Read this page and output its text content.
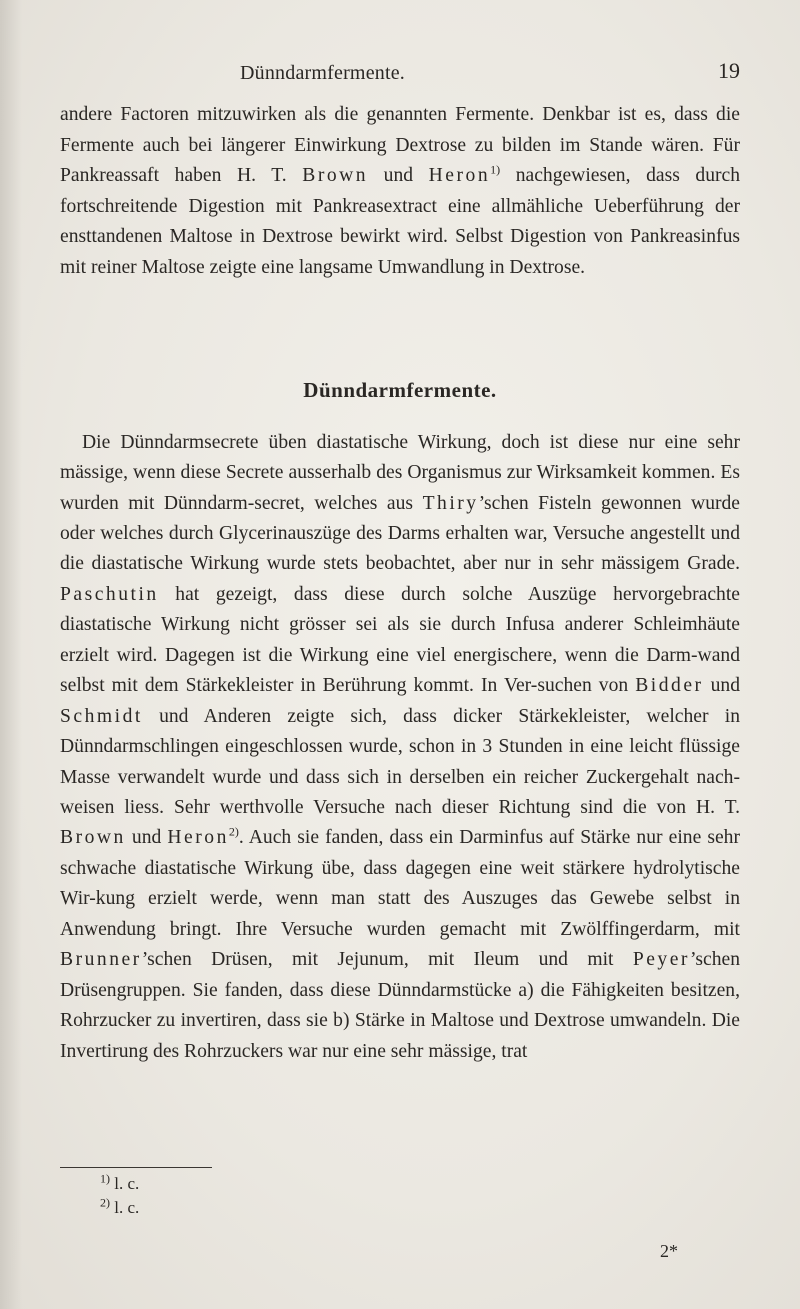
Dünndarmfermente.	19

andere Factoren mitzuwirken als die genannten Fermente. Denkbar ist es, dass die Fermente auch bei längerer Einwirkung Dextrose zu bilden im Stande wären. Für Pankreassaft haben H. T. Brown und Heron$^{1)}$ nachgewiesen, dass durch fortschreitende Digestion mit Pankreasextract eine allmähliche Ueberführung der ensttandenen Maltose in Dextrose bewirkt wird. Selbst Digestion von Pankreasinfus mit reiner Maltose zeigte eine langsame Umwandlung in Dextrose.

Dünndarmfermente.

Die Dünndarmsecrete üben diastatische Wirkung, doch ist diese nur eine sehr mässige, wenn diese Secrete ausserhalb des Organismus zur Wirksamkeit kommen. Es wurden mit Dünndarm-secret, welches aus Thiry’schen Fisteln gewonnen wurde oder welches durch Glycerinauszüge des Darms erhalten war, Versuche angestellt und die diastatische Wirkung wurde stets beobachtet, aber nur in sehr mässigem Grade. Paschutin hat gezeigt, dass diese durch solche Auszüge hervorgebrachte diastatische Wirkung nicht grösser sei als sie durch Infusa anderer Schleimhäute erzielt wird. Dagegen ist die Wirkung eine viel energischere, wenn die Darm-wand selbst mit dem Stärkekleister in Berührung kommt. In Ver-suchen von Bidder und Schmidt und Anderen zeigte sich, dass dicker Stärkekleister, welcher in Dünndarmschlingen eingeschlossen wurde, schon in 3 Stunden in eine leicht flüssige Masse verwandelt wurde und dass sich in derselben ein reicher Zuckergehalt nach-weisen liess. Sehr werthvolle Versuche nach dieser Richtung sind die von H. T. Brown und Heron$^{2)}$. Auch sie fanden, dass ein Darminfus auf Stärke nur eine sehr schwache diastatische Wirkung übe, dass dagegen eine weit stärkere hydrolytische Wir-kung erzielt werde, wenn man statt des Auszuges das Gewebe selbst in Anwendung bringt. Ihre Versuche wurden gemacht mit Zwölffingerdarm, mit Brunner’schen Drüsen, mit Jejunum, mit Ileum und mit Peyer’schen Drüsengruppen. Sie fanden, dass diese Dünndarmstücke a) die Fähigkeiten besitzen, Rohrzucker zu invertiren, dass sie b) Stärke in Maltose und Dextrose umwandeln. Die Invertirung des Rohrzuckers war nur eine sehr mässige, trat

$^{1)}$ l. c.
$^{2)}$ l. c.
2*
